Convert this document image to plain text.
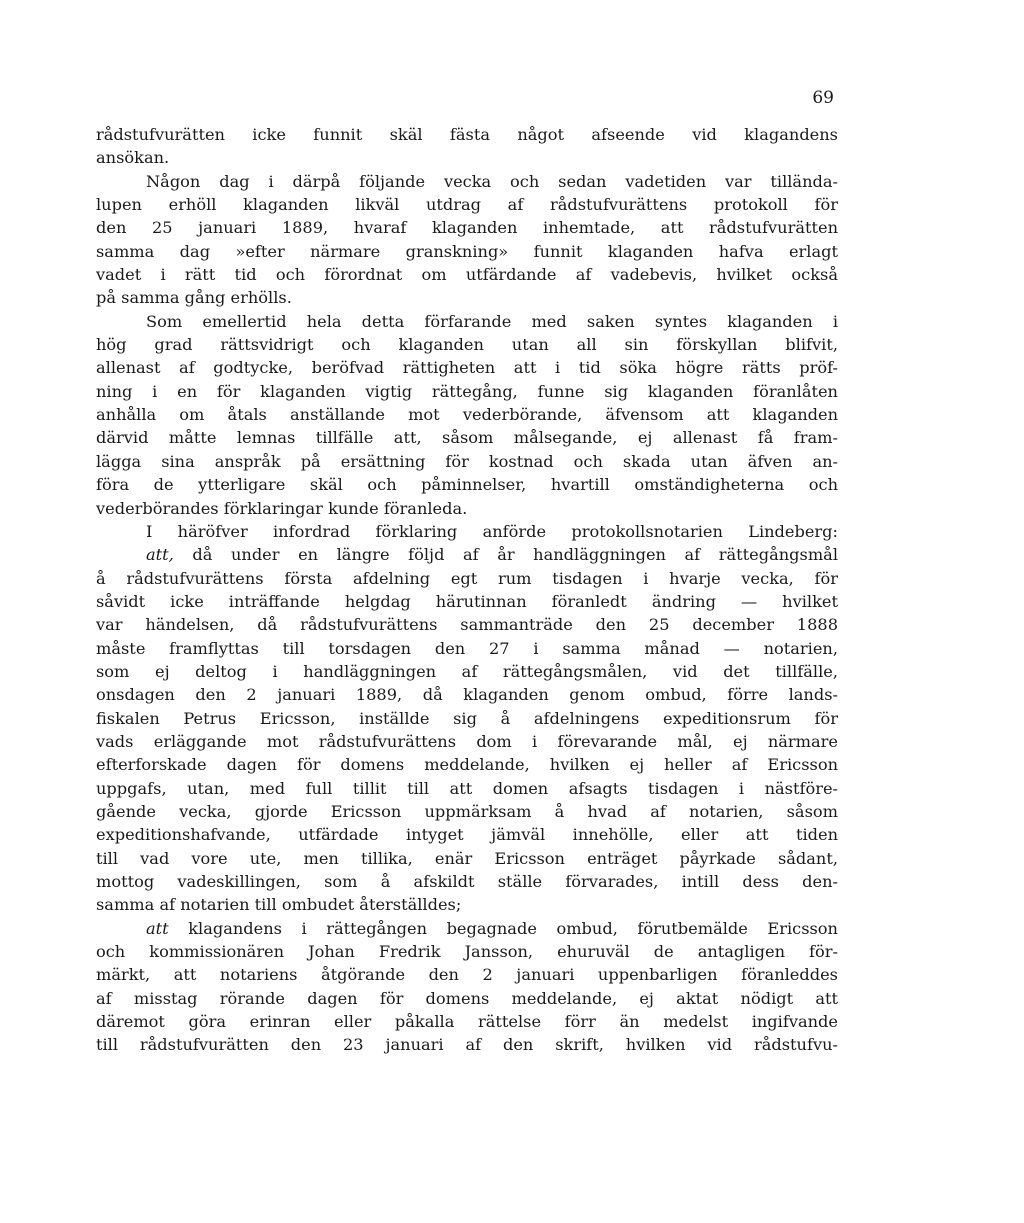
69
rådstufvurätten icke funnit skäl fästa något afseende vid klagandens
ansökan.
Någon dag i därpå följande vecka och sedan vadetiden var tillända-
lupen erhöll klaganden likväl utdrag af rådstufvurättens protokoll för
den 25 januari 1889, hvaraf klaganden inhemtade, att rådstufvurätten
samma dag »efter närmare granskning» funnit klaganden hafva erlagt
vadet i rätt tid och förordnat om utfärdande af vadebevis, hvilket också
på samma gång erhölls.
Som emellertid hela detta förfarande med saken syntes klaganden i
hög grad rättsvidrigt och klaganden utan all sin förskyllan blifvit,
allenast af godtycke, beröfvad rättigheten att i tid söka högre rätts pröf-
ning i en för klaganden vigtig rättegång, funne sig klaganden föranlåten
anhålla om åtals anställande mot vederbörande, äfvensom att klaganden
därvid måtte lemnas tillfälle att, såsom målsegande, ej allenast få fram-
lägga sina anspråk på ersättning för kostnad och skada utan äfven an-
föra de ytterligare skäl och påminnelser, hvartill omständigheterna och
vederbörandes förklaringar kunde föranleda.
I häröfver infordrad förklaring anförde protokollsnotarien Lindeberg:
att, då under en längre följd af år handläggningen af rättegångsmål
å rådstufvurättens första afdelning egt rum tisdagen i hvarje vecka, för
såvidt icke inträffande helgdag härutinnan föranledt ändring — hvilket
var händelsen, då rådstufvurättens sammanträde den 25 december 1888
måste framflyttas till torsdagen den 27 i samma månad — notarien,
som ej deltog i handläggningen af rättegångsmålen, vid det tillfälle,
onsdagen den 2 januari 1889, då klaganden genom ombud, förre lands-
fiskalen Petrus Ericsson, inställde sig å afdelningens expeditionsrum för
vads erläggande mot rådstufvurättens dom i förevarande mål, ej närmare
efterforskade dagen för domens meddelande, hvilken ej heller af Ericsson
uppgafs, utan, med full tillit till att domen afsagts tisdagen i nästföre-
gående vecka, gjorde Ericsson uppmärksam å hvad af notarien, såsom
expeditionshafvande, utfärdade intyget jämväl innehölle, eller att tiden
till vad vore ute, men tillika, enär Ericsson enträget påyrkade sådant,
mottog vadeskillingen, som å afskildt ställe förvarades, intill dess den-
samma af notarien till ombudet återställdes;
att klagandens i rättegången begagnade ombud, förutbemälde Ericsson
och kommissionären Johan Fredrik Jansson, ehuruväl de antagligen för-
märkt, att notariens åtgörande den 2 januari uppenbarligen föranleddes
af misstag rörande dagen för domens meddelande, ej aktat nödigt att
däremot göra erinran eller påkalla rättelse förr än medelst ingifvande
till rådstufvurätten den 23 januari af den skrift, hvilken vid rådstufvu-
